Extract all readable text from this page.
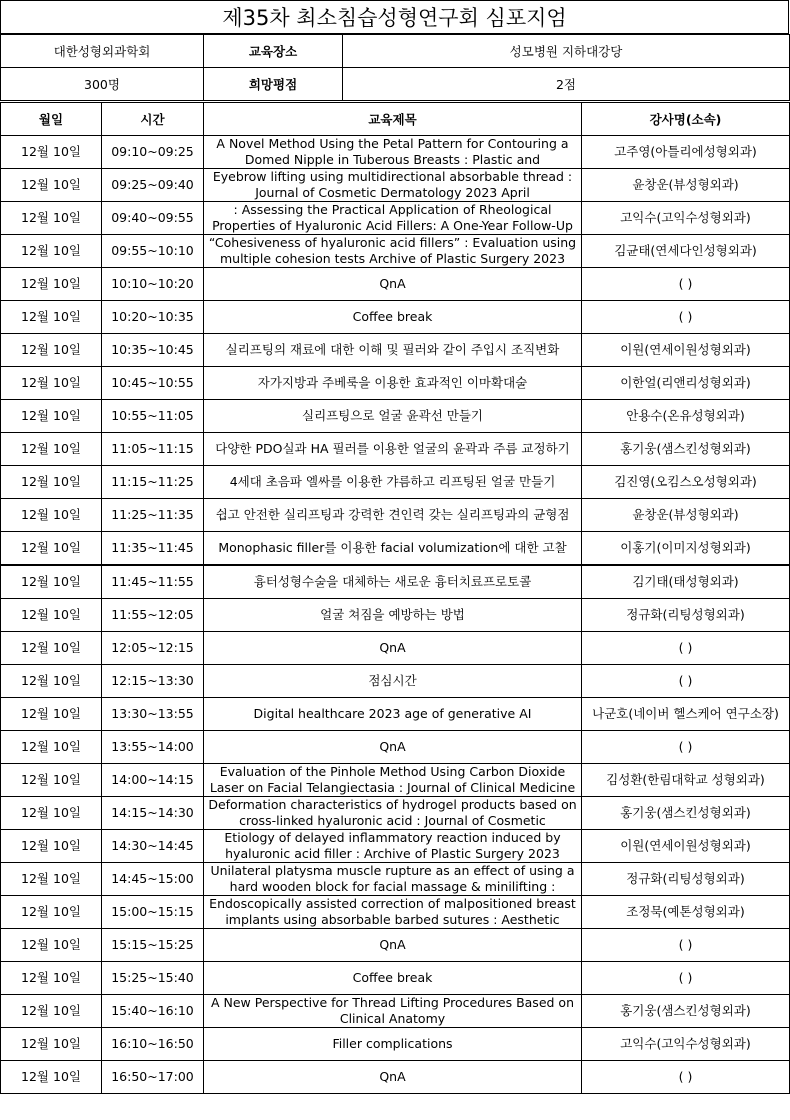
제35차 최소침습성형연구회 심포지엄
대한성형외과학회	교육장소	성모병원 지하대강당
300명	희망평점	2점
월일	시간	교육제목	강사명(소속)
12월 10일	09:10~09:25	A Novel Method Using the Petal Pattern for Contouring a Domed Nipple in Tuberous Breasts : Plastic and	고주영(아틀리에성형외과)
12월 10일	09:25~09:40	Eyebrow lifting using multidirectional absorbable thread : Journal of Cosmetic Dermatology 2023 April	윤창운(뷰성형외과)
12월 10일	09:40~09:55	: Assessing the Practical Application of Rheological Properties of Hyaluronic Acid Fillers: A One-Year Follow-Up	고익수(고익수성형외과)
12월 10일	09:55~10:10	“Cohesiveness of hyaluronic acid fillers” : Evaluation using multiple cohesion tests Archive of Plastic Surgery 2023	김균태(연세다인성형외과)
12월 10일	10:10~10:20	QnA	( )
12월 10일	10:20~10:35	Coffee break	( )
12월 10일	10:35~10:45	실리프팅의 재료에 대한 이해 및 필러와 같이 주입시 조직변화	이원(연세이원성형외과)
12월 10일	10:45~10:55	자가지방과 주베룩을 이용한 효과적인 이마확대술	이한얼(리앤리성형외과)
12월 10일	10:55~11:05	실리프팅으로 얼굴 윤곽선 만들기	안용수(온유성형외과)
12월 10일	11:05~11:15	다양한 PDO실과 HA 필러를 이용한 얼굴의 윤곽과 주름 교정하기	홍기웅(샘스킨성형외과)
12월 10일	11:15~11:25	4세대 초음파 엘싸를 이용한 갸름하고 리프팅된 얼굴 만들기	김진영(오킴스오성형외과)
12월 10일	11:25~11:35	쉽고 안전한 실리프팅과 강력한 견인력 갖는 실리프팅과의 균형점	윤창운(뷰성형외과)
12월 10일	11:35~11:45	Monophasic filler를 이용한 facial volumization에 대한 고찰	이홍기(이미지성형외과)
12월 10일	11:45~11:55	흉터성형수술을 대체하는 새로운 흉터치료프로토콜	김기태(태성형외과)
12월 10일	11:55~12:05	얼굴 쳐짐을 예방하는 방법	정규화(리팅성형외과)
12월 10일	12:05~12:15	QnA	( )
12월 10일	12:15~13:30	점심시간	( )
12월 10일	13:30~13:55	Digital healthcare 2023 age of generative AI	나군호(네이버 헬스케어 연구소장)
12월 10일	13:55~14:00	QnA	( )
12월 10일	14:00~14:15	Evaluation of the Pinhole Method Using Carbon Dioxide Laser on Facial Telangiectasia : Journal of Clinical Medicine	김성환(한림대학교 성형외과)
12월 10일	14:15~14:30	Deformation characteristics of hydrogel products based on cross-linked hyaluronic acid : Journal of Cosmetic	홍기웅(샘스킨성형외과)
12월 10일	14:30~14:45	Etiology of delayed inflammatory reaction induced by hyaluronic acid filler : Archive of Plastic Surgery 2023	이원(연세이원성형외과)
12월 10일	14:45~15:00	Unilateral platysma muscle rupture as an effect of using a hard wooden block for facial massage & minilifting :	정규화(리팅성형외과)
12월 10일	15:00~15:15	Endoscopically assisted correction of malpositioned breast implants using absorbable barbed sutures : Aesthetic	조정묵(예톤성형외과)
12월 10일	15:15~15:25	QnA	( )
12월 10일	15:25~15:40	Coffee break	( )
12월 10일	15:40~16:10	A New Perspective for Thread Lifting Procedures Based on Clinical Anatomy	홍기웅(샘스킨성형외과)
12월 10일	16:10~16:50	Filler complications	고익수(고익수성형외과)
12월 10일	16:50~17:00	QnA	( )
